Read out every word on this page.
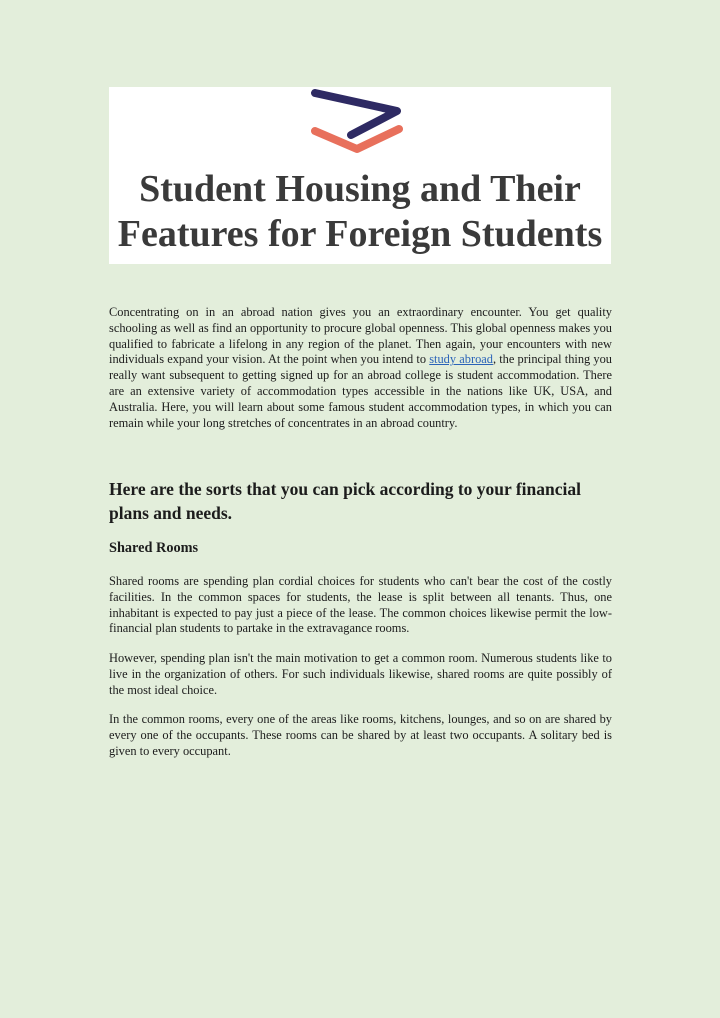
Student Housing and Their
Features for Foreign Students

Concentrating on in an abroad nation gives you an extraordinary encounter. You get quality schooling as well as find an opportunity to procure global openness. This global openness makes you qualified to fabricate a lifelong in any region of the planet. Then again, your encounters with new individuals expand your vision. At the point when you intend to study abroad, the principal thing you really want subsequent to getting signed up for an abroad college is student accommodation. There are an extensive variety of accommodation types accessible in the nations like UK, USA, and Australia. Here, you will learn about some famous student accommodation types, in which you can remain while your long stretches of concentrates in an abroad country.

Here are the sorts that you can pick according to your financial plans and needs.
Shared Rooms

Shared rooms are spending plan cordial choices for students who can't bear the cost of the costly facilities. In the common spaces for students, the lease is split between all tenants. Thus, one inhabitant is expected to pay just a piece of the lease. The common choices likewise permit the low-financial plan students to partake in the extravagance rooms.

However, spending plan isn't the main motivation to get a common room. Numerous students like to live in the organization of others. For such individuals likewise, shared rooms are quite possibly of the most ideal choice.

In the common rooms, every one of the areas like rooms, kitchens, lounges, and so on are shared by every one of the occupants. These rooms can be shared by at least two occupants. A solitary bed is given to every occupant.
